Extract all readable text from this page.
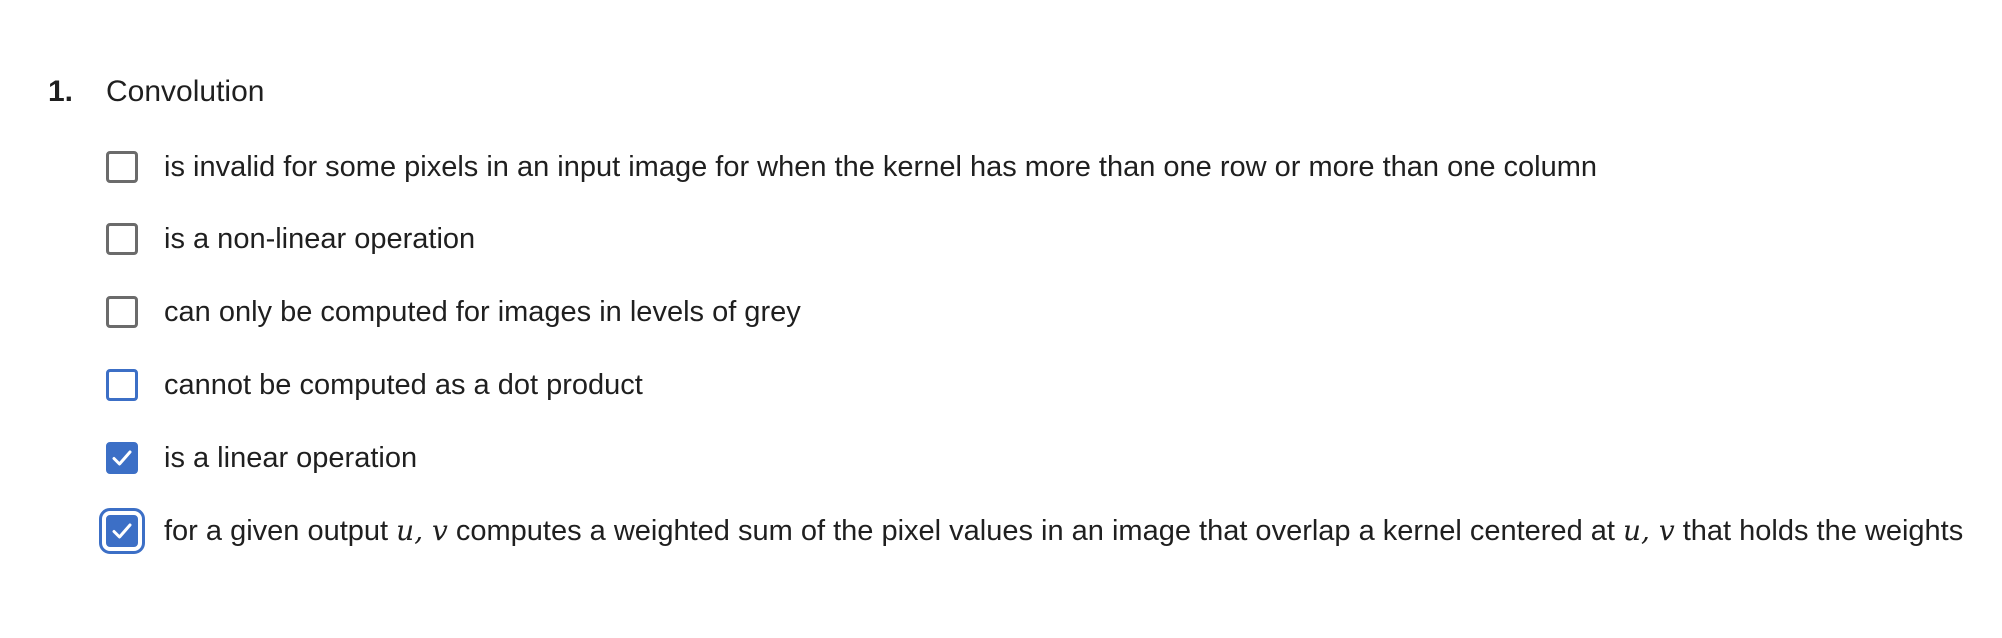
1. Convolution
is invalid for some pixels in an input image for when the kernel has more than one row or more than one column
is a non-linear operation
can only be computed for images in levels of grey
cannot be computed as a dot product
is a linear operation
for a given output u, v computes a weighted sum of the pixel values in an image that overlap a kernel centered at u, v that holds the weights
